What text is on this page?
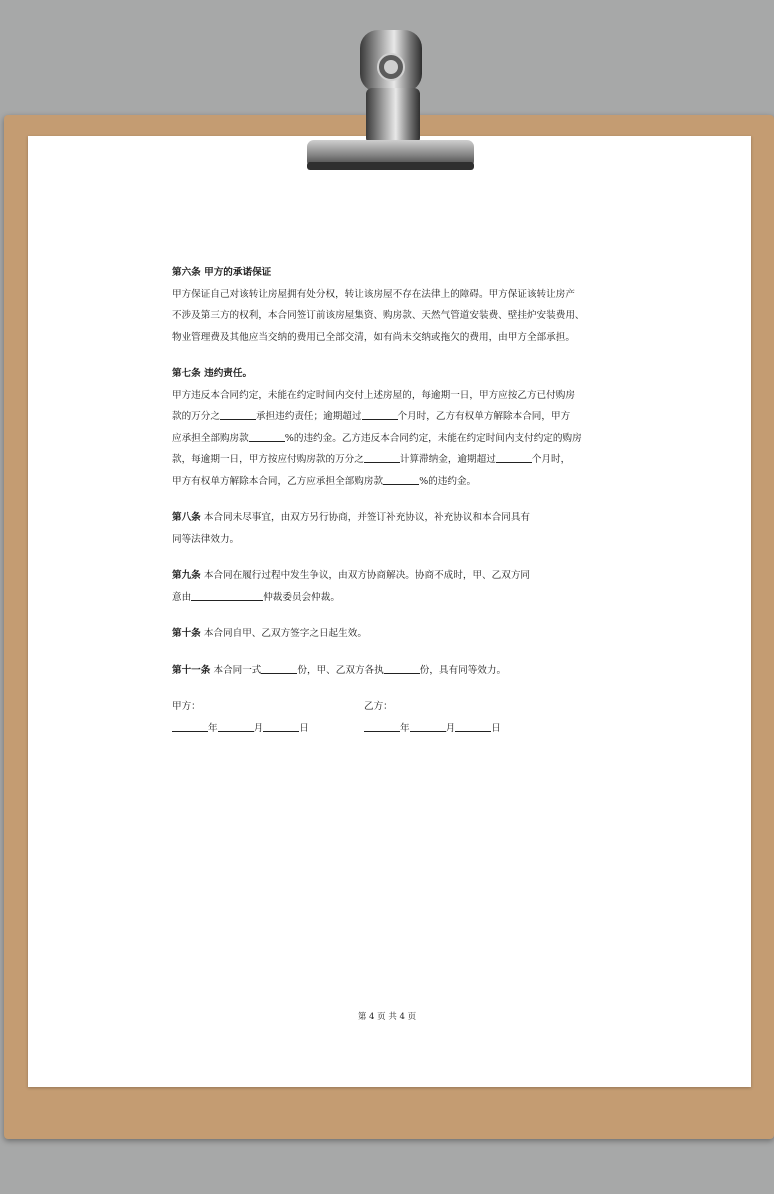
第六条 甲方的承诺保证

甲方保证自己对该转让房屋拥有处分权，转让该房屋不存在法律上的障碍。甲方保证该转让房产

不涉及第三方的权利，本合同签订前该房屋集资、购房款、天然气管道安装费、壁挂炉安装费用、

物业管理费及其他应当交纳的费用已全部交清，如有尚未交纳或拖欠的费用，由甲方全部承担。

第七条 违约责任。

甲方违反本合同约定，未能在约定时间内交付上述房屋的，每逾期一日，甲方应按乙方已付购房

款的万分之	承担违约责任；逾期超过	个月时，乙方有权单方解除本合同，甲方

应承担全部购房款	%的违约金。乙方违反本合同约定，未能在约定时间内支付约定的购房

款，每逾期一日，甲方按应付购房款的万分之	计算滞纳金，逾期超过	个月时，

甲方有权单方解除本合同，乙方应承担全部购房款	%的违约金。

第八条 本合同未尽事宜，由双方另行协商，并签订补充协议，补充协议和本合同具有

同等法律效力。

第九条 本合同在履行过程中发生争议，由双方协商解决。协商不成时，甲、乙双方同

意由	仲裁委员会仲裁。

第十条 本合同自甲、乙双方签字之日起生效。

第十一条 本合同一式	份，甲、乙双方各执	份，具有同等效力。

甲方：

年	月	日

乙方：

年	月	日

第 4 页 共 4 页
